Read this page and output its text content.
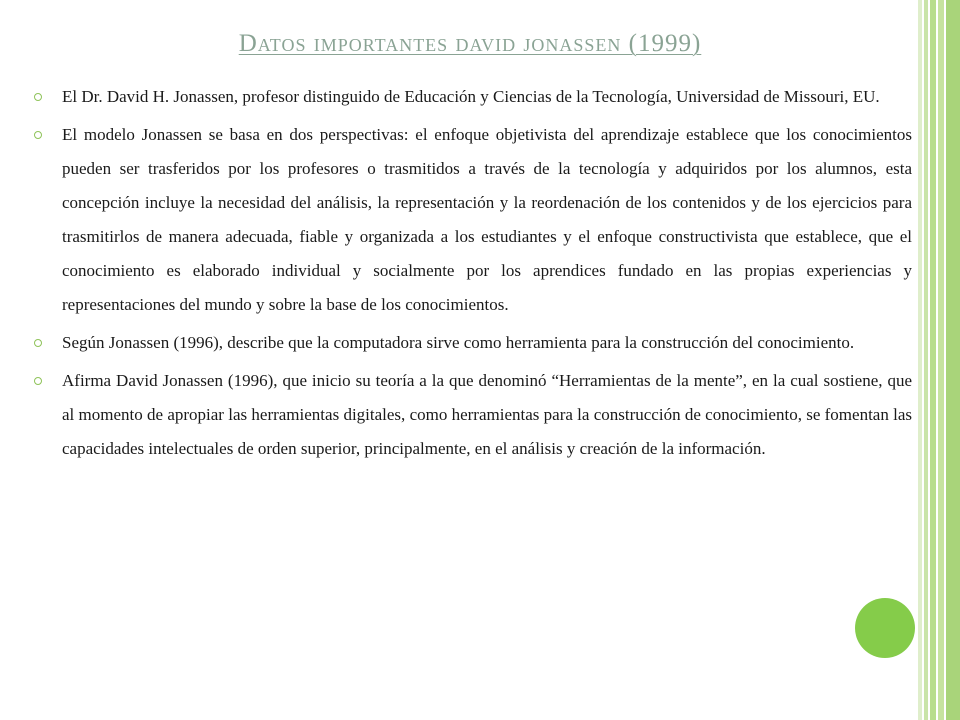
Datos importantes david jonassen (1999)
El Dr. David H. Jonassen, profesor distinguido de Educación y Ciencias de la Tecnología, Universidad de Missouri, EU.
El modelo Jonassen se basa en dos perspectivas: el enfoque objetivista del aprendizaje establece que los conocimientos pueden ser trasferidos por los profesores o trasmitidos a través de la tecnología y adquiridos por los alumnos, esta concepción incluye la necesidad del análisis, la representación y la reordenación de los contenidos y de los ejercicios para trasmitirlos de manera adecuada, fiable y organizada a los estudiantes y el enfoque constructivista que establece, que el conocimiento es elaborado individual y socialmente por los aprendices fundado en las propias experiencias y representaciones del mundo y sobre la base de los conocimientos.
Según Jonassen (1996), describe que la computadora sirve como herramienta para la construcción del conocimiento.
Afirma David Jonassen (1996), que inicio su teoría a la que denominó “Herramientas de la mente”, en la cual sostiene, que al momento de apropiar las herramientas digitales, como herramientas para la construcción de conocimiento, se fomentan las capacidades intelectuales de orden superior, principalmente, en el análisis y creación de la información.
